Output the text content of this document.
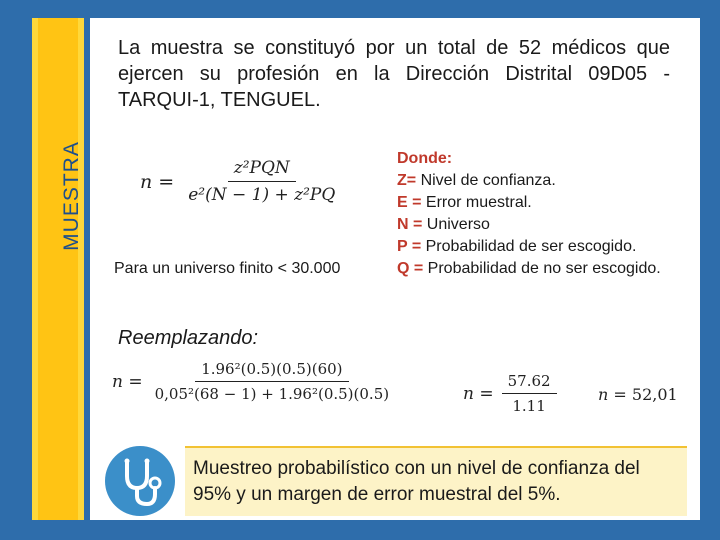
MUESTRA
La muestra se constituyó por un total de 52 médicos que ejercen su profesión en la Dirección Distrital 09D05 - TARQUI-1, TENGUEL.
$n = \frac{\text{z²PQN}}{\text{e²(N − 1) + z²PQ}}$
Para un universo finito < 30.000
Donde:
Z= Nivel de confianza.
E = Error muestral.
N = Universo
P = Probabilidad de ser escogido.
Q = Probabilidad de no ser escogido.
Reemplazando:
$n = \frac{\text{1.96²(0.5)(0.5)(60)}}{\text{0,05²(68 − 1) + 1.96²(0.5)(0.5)}}$	$n = \frac{57.62}{1.11}$	n = 52,01
Muestreo probabilístico con un nivel de confianza del 95% y un margen de error muestral del 5%.
